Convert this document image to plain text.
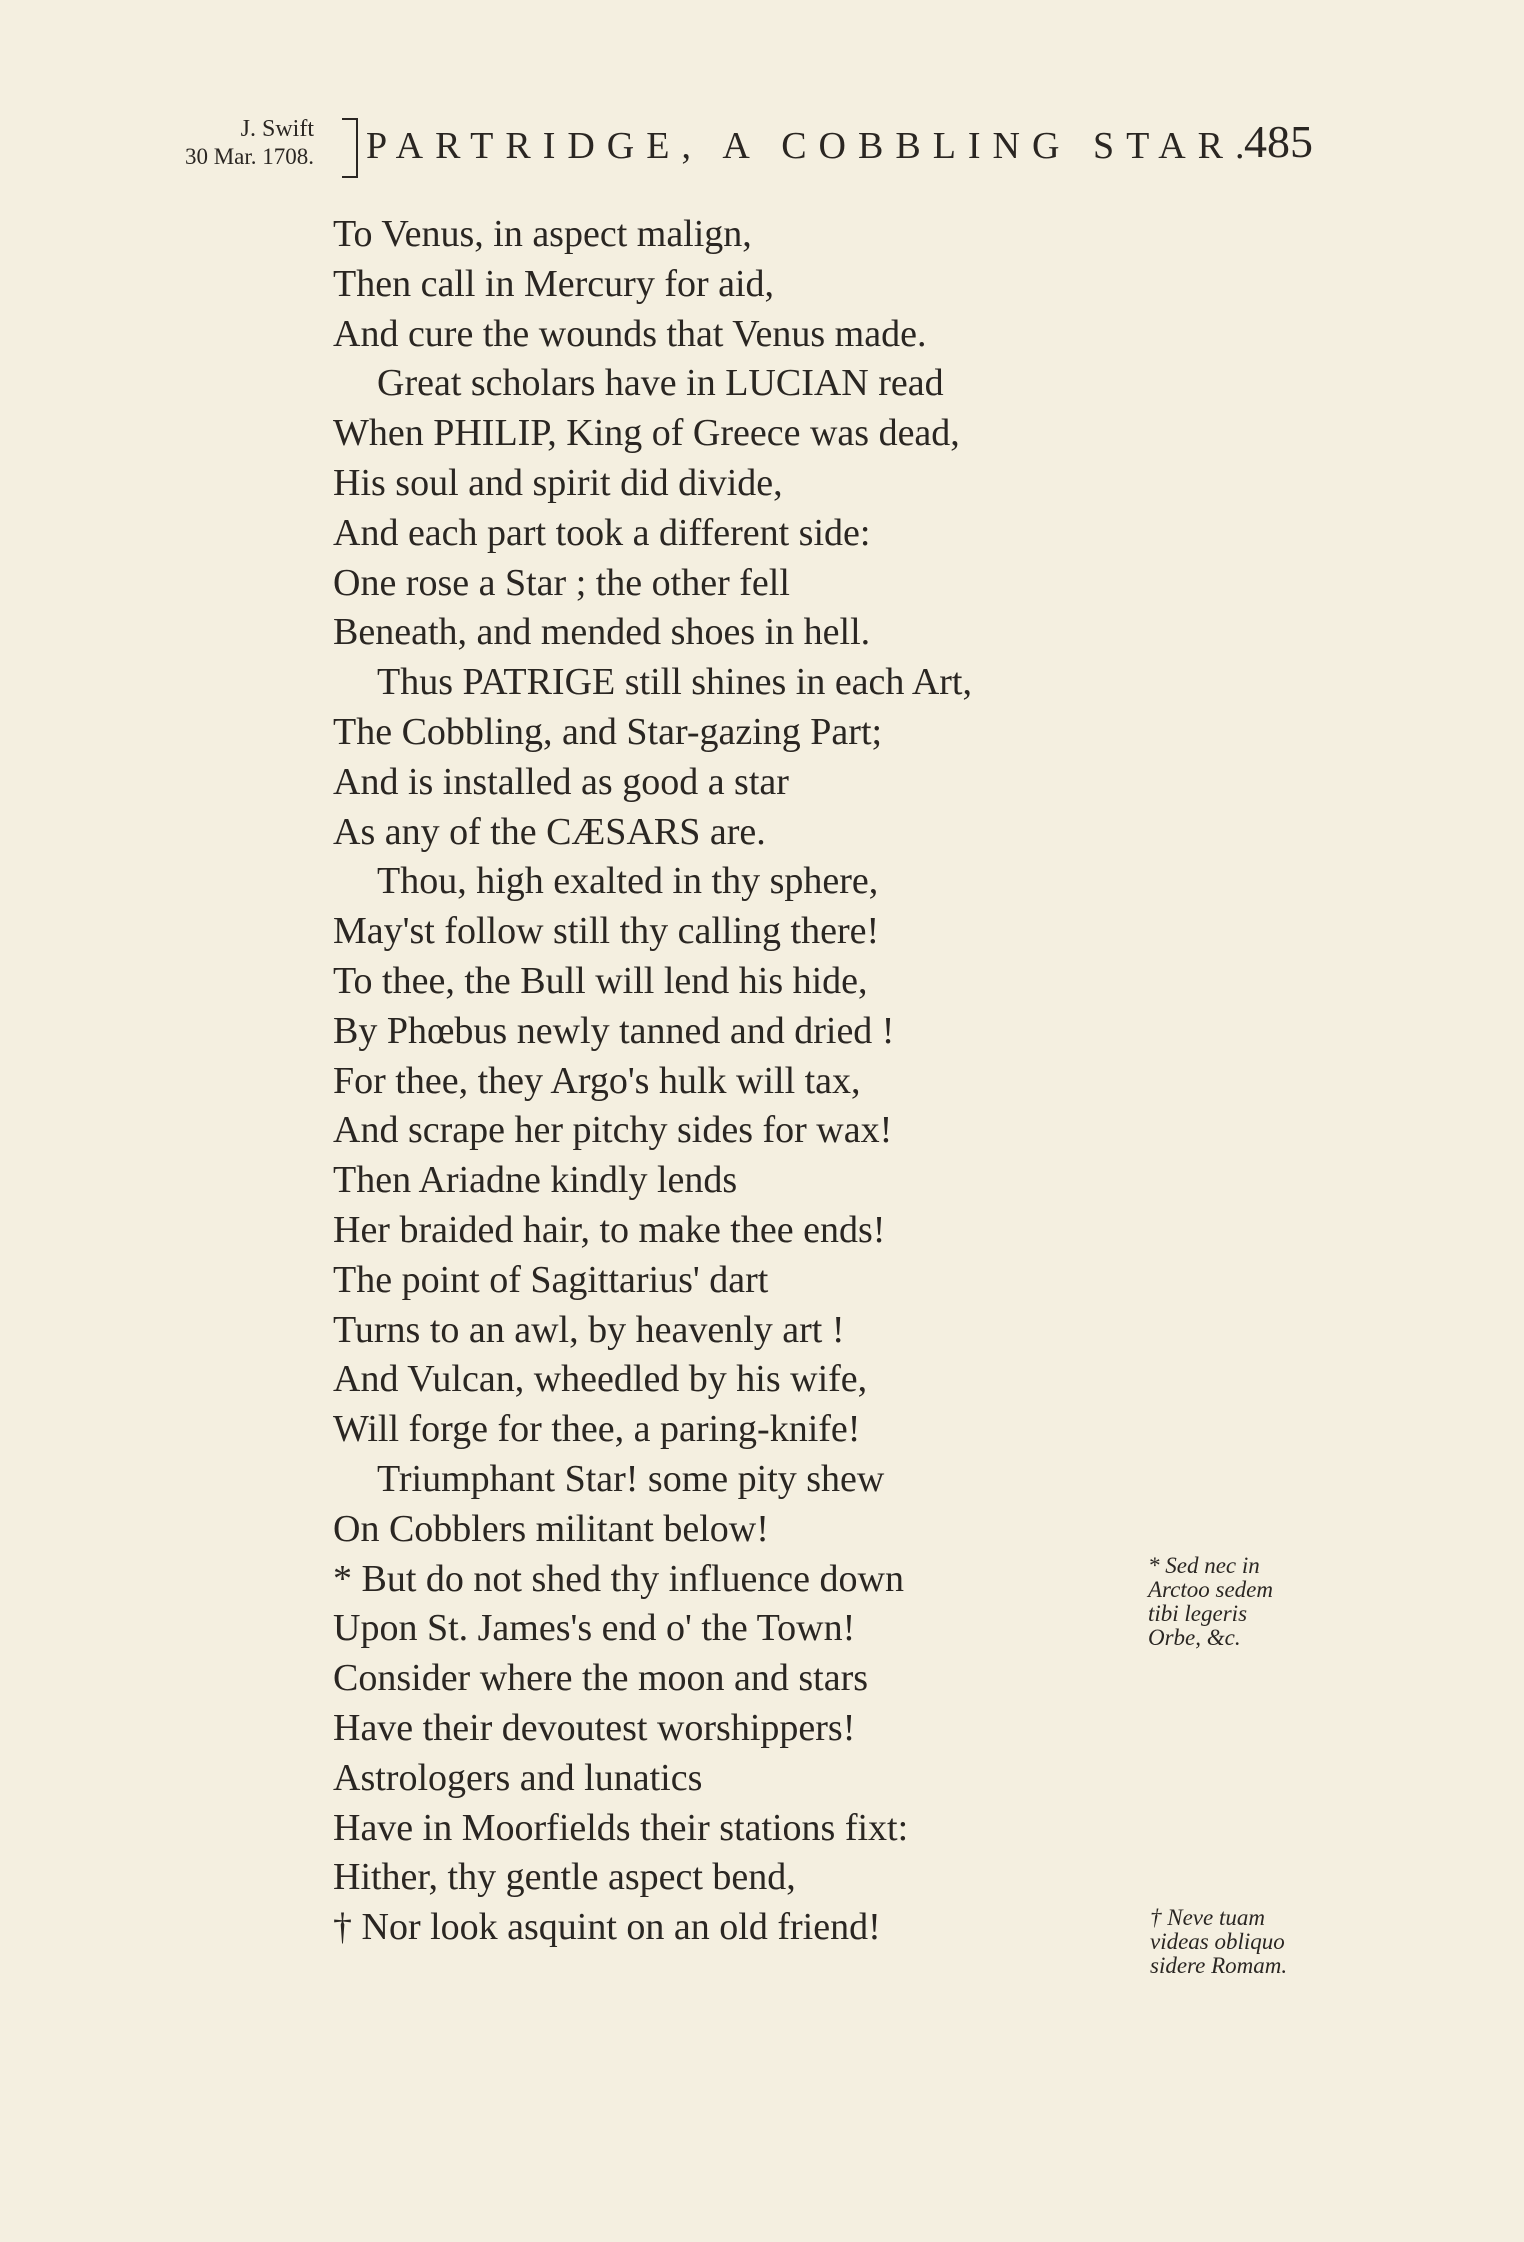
J. Swift
30 Mar. 1708. PARTRIDGE, A COBBLING STAR.
485
To Venus, in aspect malign,
Then call in Mercury for aid,
And cure the wounds that Venus made.
Great scholars have in LUCIAN read
When PHILIP, King of Greece was dead,
His soul and spirit did divide,
And each part took a different side:
One rose a Star ; the other fell
Beneath, and mended shoes in hell.
Thus PATRIGE still shines in each Art,
The Cobbling, and Star-gazing Part;
And is installed as good a star
As any of the CÆSARS are.
Thou, high exalted in thy sphere,
May'st follow still thy calling there!
To thee, the Bull will lend his hide,
By Phœbus newly tanned and dried !
For thee, they Argo's hulk will tax,
And scrape her pitchy sides for wax!
Then Ariadne kindly lends
Her braided hair, to make thee ends!
The point of Sagittarius' dart
Turns to an awl, by heavenly art !
And Vulcan, wheedled by his wife,
Will forge for thee, a paring-knife!
Triumphant Star! some pity shew
On Cobblers militant below!
* But do not shed thy influence down
Upon St. James's end o' the Town!
Consider where the moon and stars
Have their devoutest worshippers!
Astrologers and lunatics
Have in Moorfields their stations fixt:
Hither, thy gentle aspect bend,
† Nor look asquint on an old friend!
* Sed nec in
Arctoo sedem
tibi legeris
Orbe, &c.
† Neve tuam
videas obliquo
sidere Romam.
